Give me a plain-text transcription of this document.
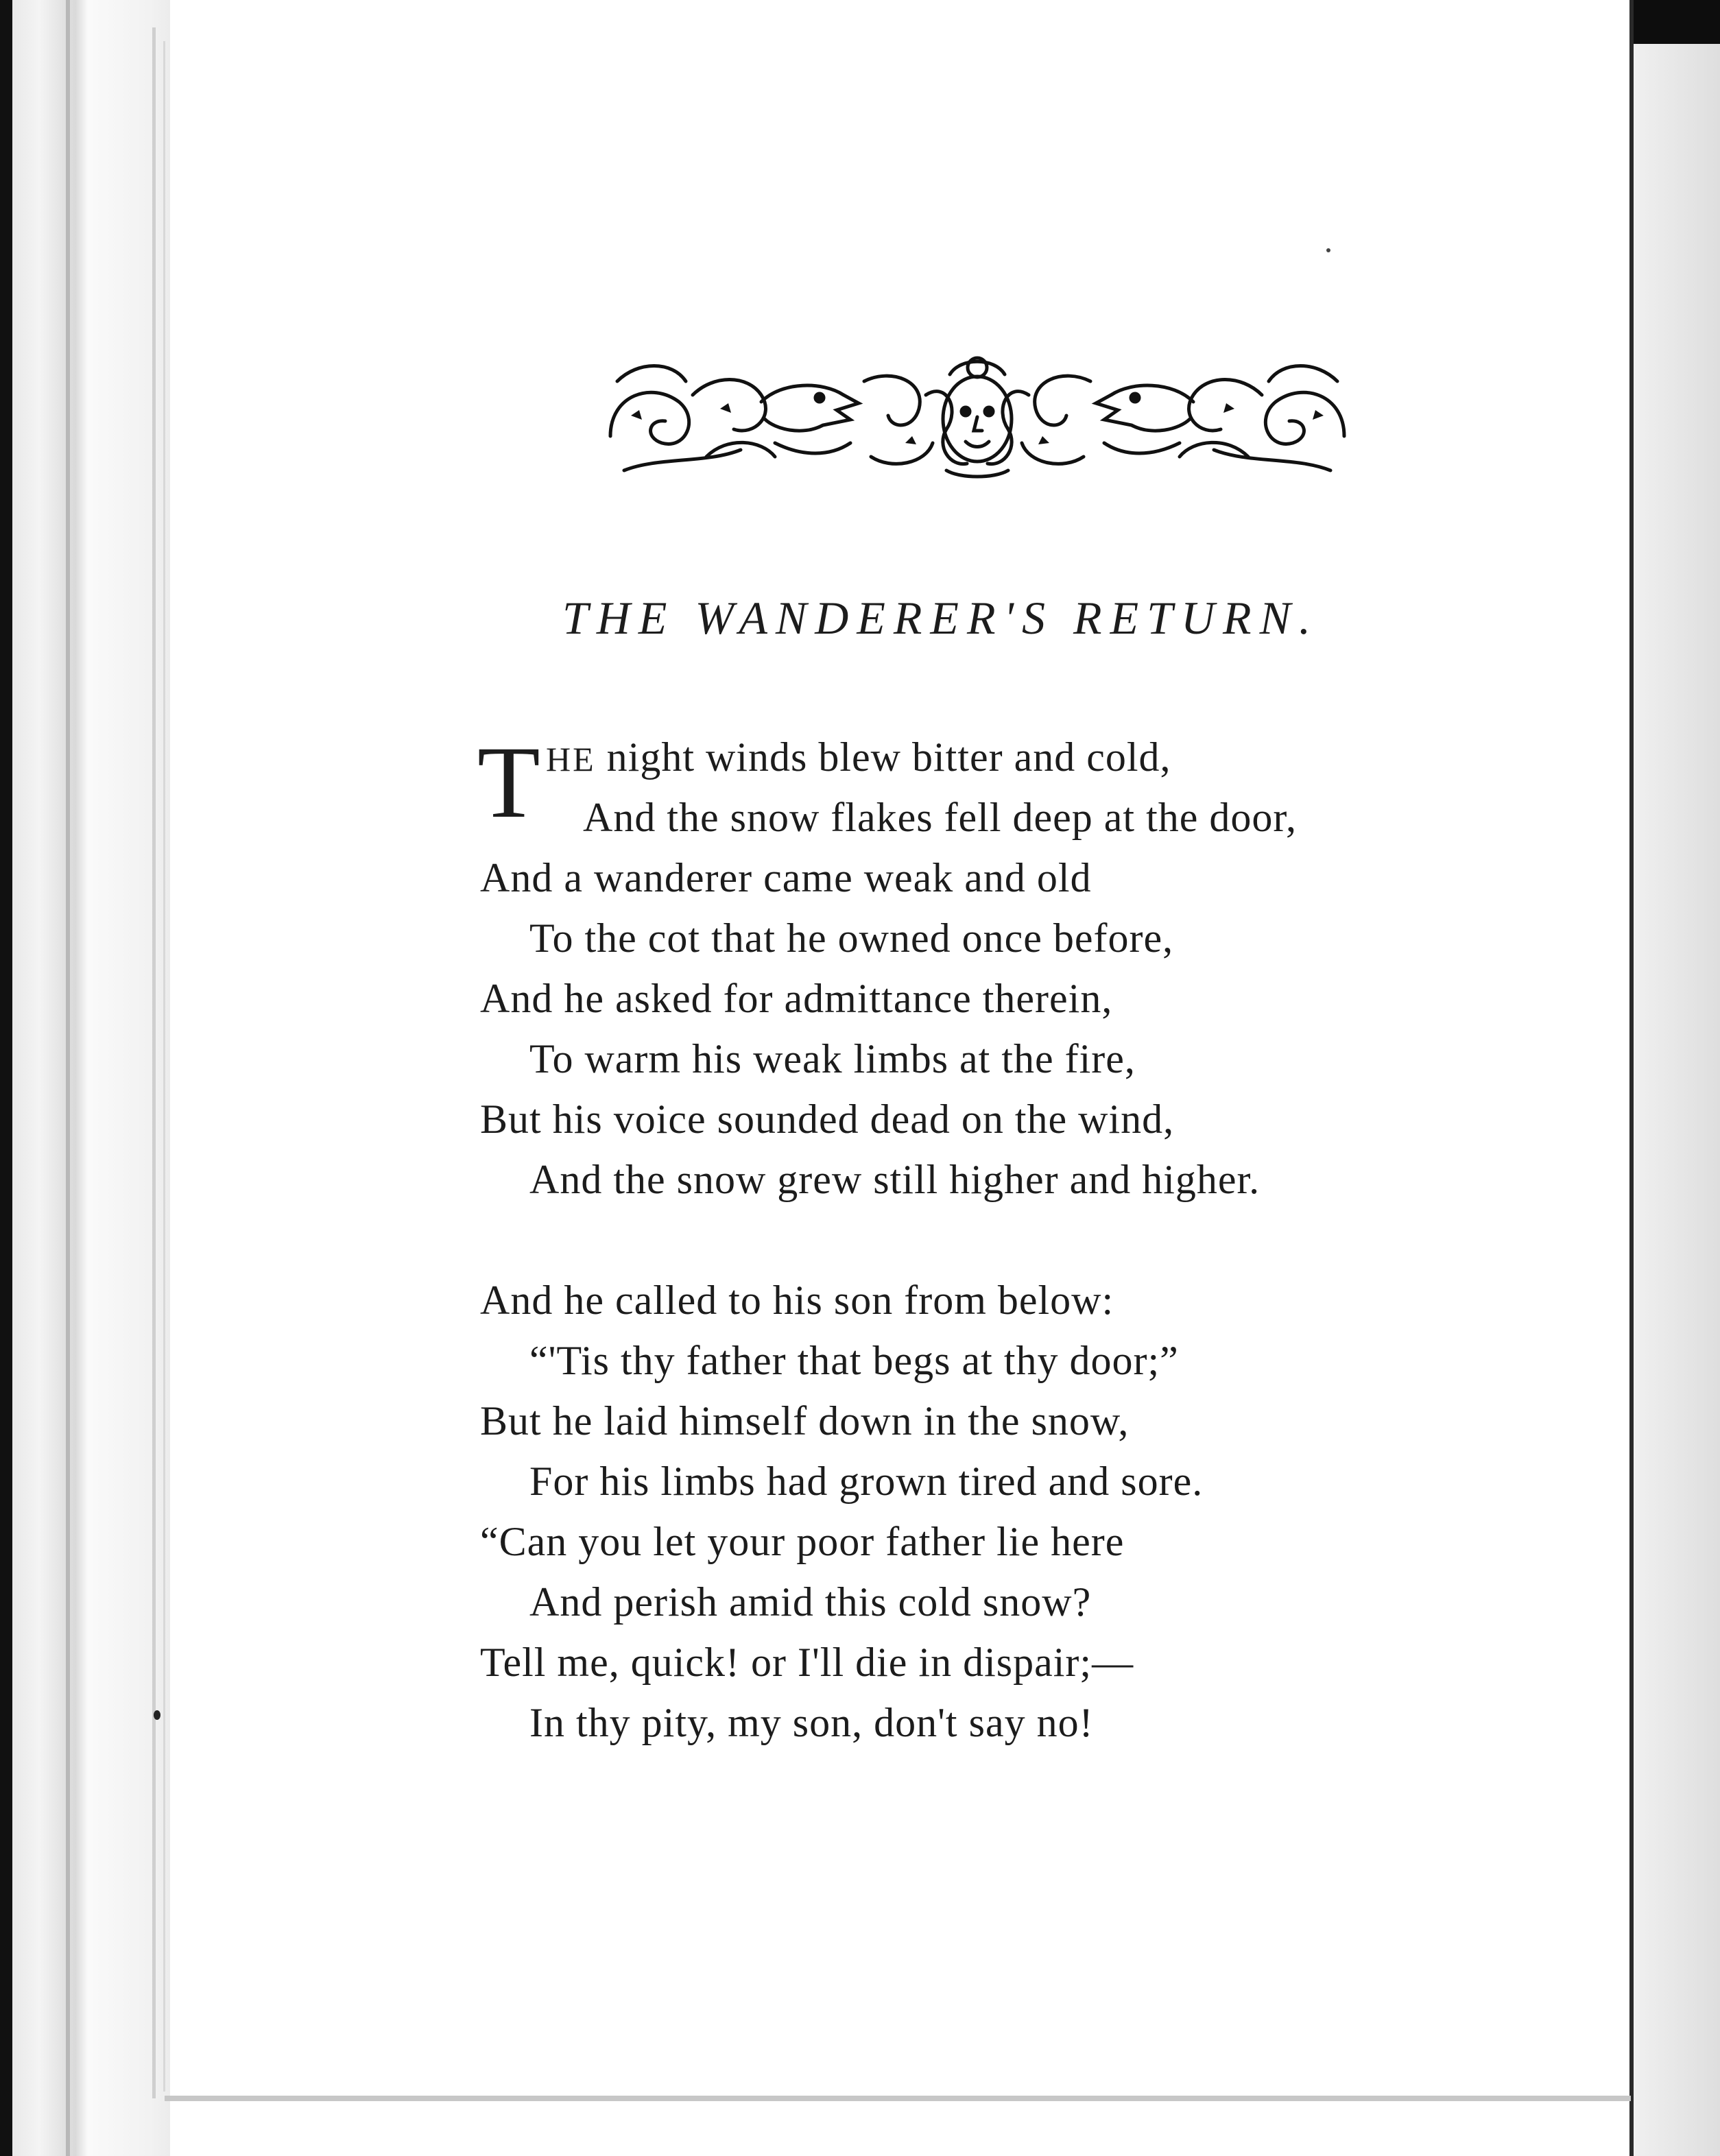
THE WANDERER'S RETURN.
T HE night winds blew bitter and cold,
And the snow flakes fell deep at the door,
And a wanderer came weak and old
To the cot that he owned once before,
And he asked for admittance therein,
To warm his weak limbs at the fire,
But his voice sounded dead on the wind,
And the snow grew still higher and higher.
And he called to his son from below:
“'Tis thy father that begs at thy door;”
But he laid himself down in the snow,
For his limbs had grown tired and sore.
“Can you let your poor father lie here
And perish amid this cold snow?
Tell me, quick! or I'll die in dispair;—
In thy pity, my son, don't say no!
